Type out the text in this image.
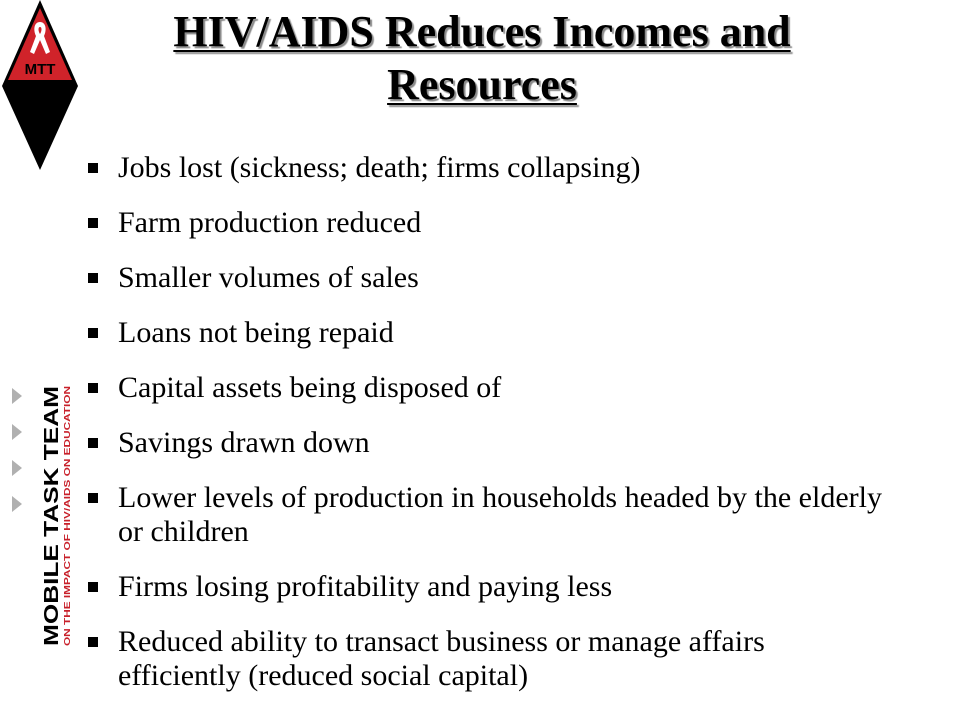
MTT
MOBILE TASK TEAM ON THE IMPACT OF HIV/AIDS ON EDUCATION
HIV/AIDS Reduces Incomes and Resources
Jobs lost (sickness; death; firms collapsing)
Farm production reduced
Smaller volumes of sales
Loans not being repaid
Capital assets being disposed of
Savings drawn down
Lower levels of production in households headed by the elderly or children
Firms losing profitability and paying less
Reduced ability to transact business or manage affairs efficiently (reduced social capital)
